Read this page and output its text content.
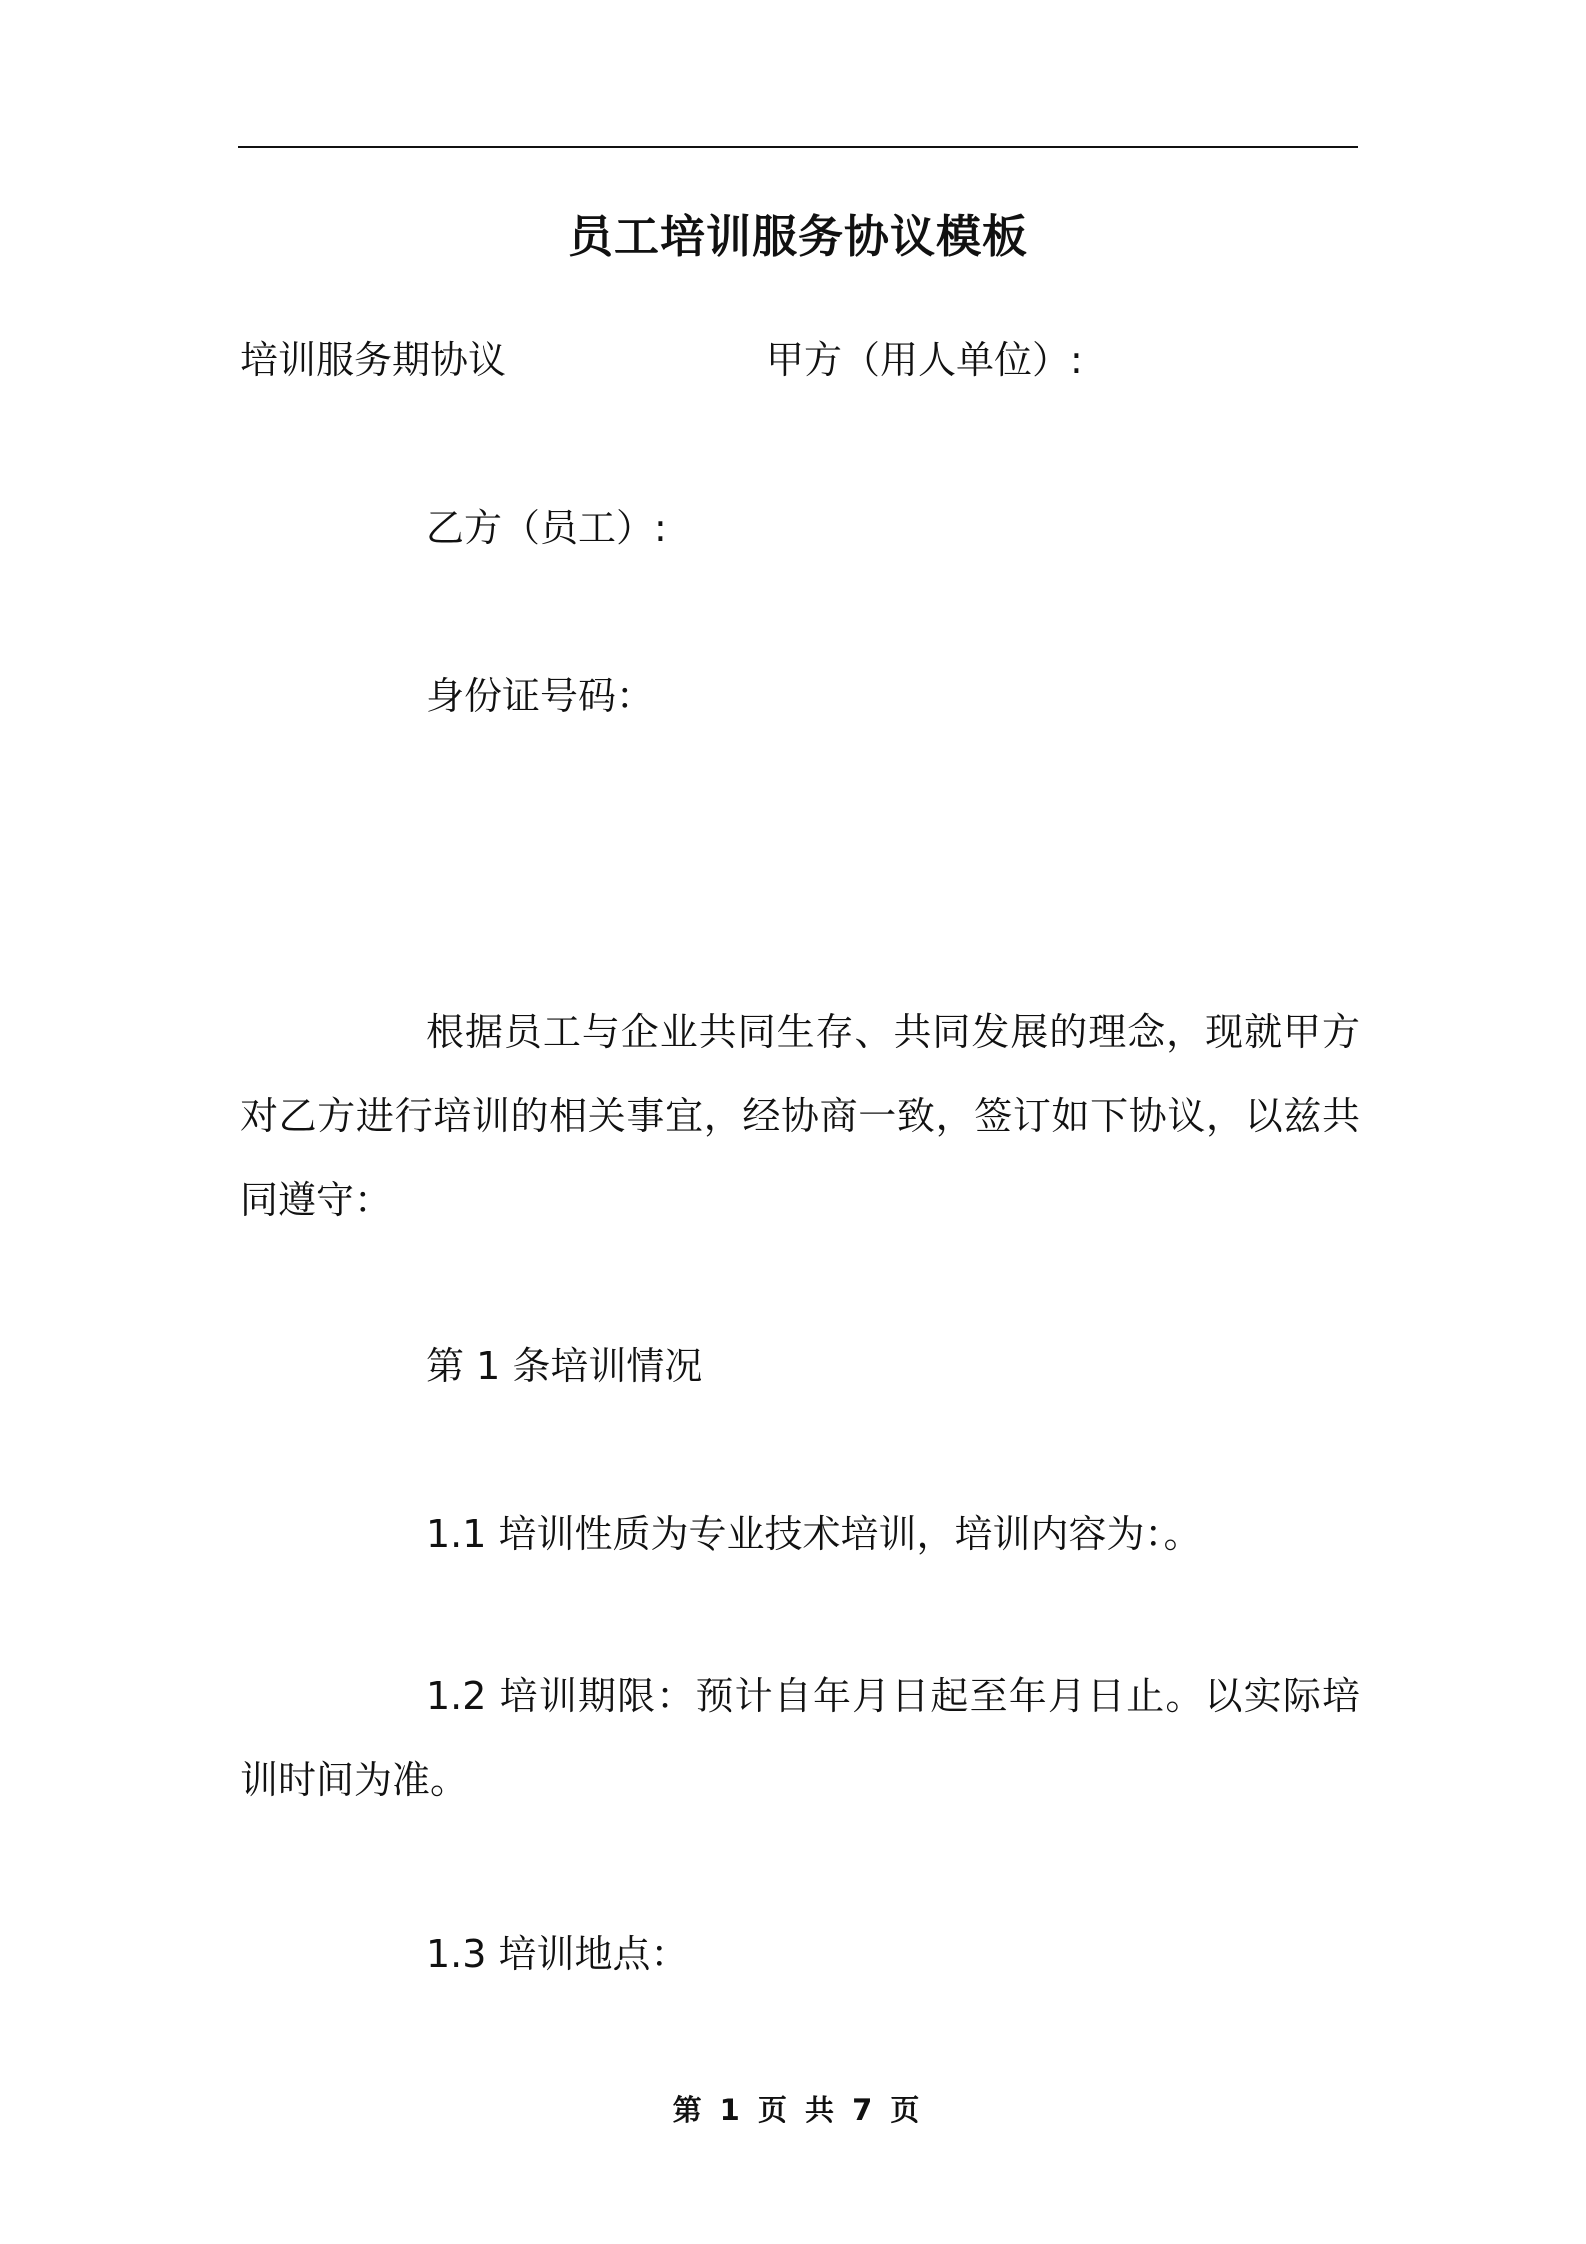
员工培训服务协议模板
培训服务期协议	甲方（用人单位）:
乙方（员工）:
身份证号码：
根据员工与企业共同生存、共同发展的理念，现就甲方对乙方进行培训的相关事宜，经协商一致，签订如下协议，以兹共同遵守：
第 1 条培训情况
1.1 培训性质为专业技术培训，培训内容为：。
1.2 培训期限：预计自年月日起至年月日止。以实际培训时间为准。
1.3 培训地点：
第 1 页 共 7 页
